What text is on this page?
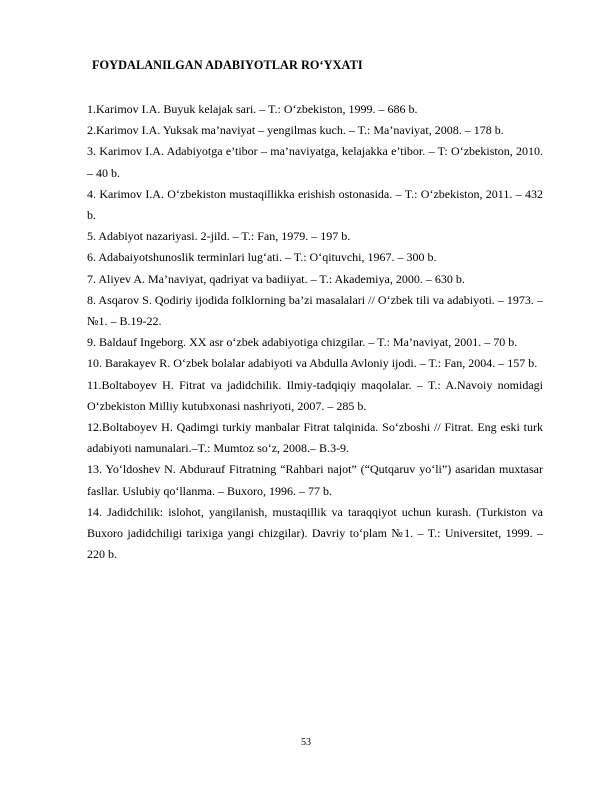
FOYDALANILGAN ADABIYOTLAR RO‘YXATI

1.Karimov I.A. Buyuk kelajak sari. – T.: O‘zbekiston, 1999. – 686 b.

2.Karimov I.A. Yuksak ma’naviyat – yengilmas kuch. – T.: Ma’naviyat, 2008. – 178 b.

3. Karimov I.A. Adabiyotga e’tibor – ma’naviyatga, kelajakka e’tibor. – T: O‘zbekiston, 2010. – 40 b.

4. Karimov I.A. O‘zbekiston mustaqillikka erishish ostonasida. – T.: O‘zbekiston, 2011. – 432 b.

5. Adabiyot nazariyasi. 2-jild. – T.: Fan, 1979. – 197 b.

6. Adabaiyotshunoslik terminlari lug‘ati. – T.: O‘qituvchi, 1967. – 300 b.

7. Aliyev A. Ma’naviyat, qadriyat va badiiyat. – T.: Akademiya, 2000. – 630 b.

8. Asqarov S. Qodiriy ijodida folklorning ba’zi masalalari // O‘zbek tili va adabiyoti. – 1973. – №1. – B.19-22.

9. Baldauf Ingeborg. XX asr o‘zbek adabiyotiga chizgilar. – T.: Ma’naviyat, 2001. – 70 b.

10. Barakayev R. O‘zbek bolalar adabiyoti va Abdulla Avloniy ijodi. – T.: Fan, 2004. – 157 b.

11.Boltaboyev H. Fitrat va jadidchilik. Ilmiy-tadqiqiy maqolalar. – T.: A.Navoiy nomidagi O‘zbekiston Milliy kutubxonasi nashriyoti, 2007. – 285 b.

12.Boltaboyev H. Qadimgi turkiy manbalar Fitrat talqinida. So‘zboshi // Fitrat. Eng eski turk adabiyoti namunalari.–T.: Mumtoz so‘z, 2008.– B.3-9.

13. Yo‘ldoshev N. Abdurauf Fitratning “Rahbari najot” (“Qutqaruv yo‘li”) asaridan muxtasar fasllar. Uslubiy qo‘llanma. – Buxoro, 1996. – 77 b.

14. Jadidchilik: islohot, yangilanish, mustaqillik va taraqqiyot uchun kurash. (Turkiston va Buxoro jadidchiligi tarixiga yangi chizgilar). Davriy to‘plam №1. – T.: Universitet, 1999. – 220 b.

53
